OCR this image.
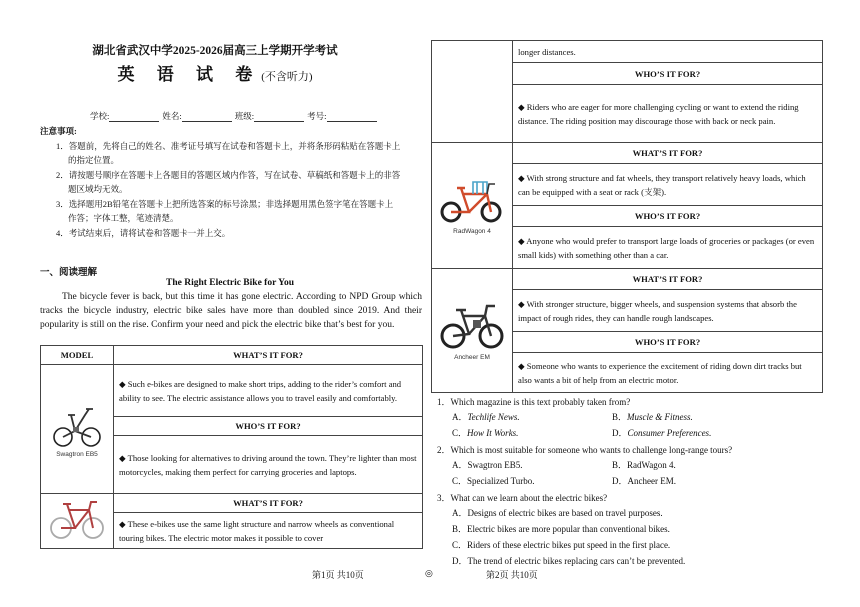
湖北省武汉中学2025-2026届高三上学期开学考试
英 语 试 卷(不含听力)
学校:	姓名:	班级:	考号:
注意事项:
1．答题前，先将自己的姓名、准考证号填写在试卷和答题卡上，并将条形码粘贴在答题卡上
的指定位置。
2．请按题号顺序在答题卡上各题目的答题区域内作答，写在试卷、草稿纸和答题卡上的非答
题区域均无效。
3．选择题用2B铅笔在答题卡上把所选答案的标号涂黑；非选择题用黑色签字笔在答题卡上
作答；字体工整，笔迹清楚。
4．考试结束后，请将试卷和答题卡一并上交。
一、阅读理解
The Right Electric Bike for You
The bicycle fever is back, but this time it has gone electric. According to NPD Group which tracks the bicycle industry, electric bike sales have more than doubled since 2019. And their popularity is still on the rise. Confirm your need and pick the electric bike that’s best for you.
MODEL	WHAT’S IT FOR?

Swagtron EB5	◆ Such e-bikes are designed to make short trips, adding to the rider’s comfort and ability to see. The electric assistance allows you to travel easily and comfortably.
	WHO’S IT FOR?
	◆ Those looking for alternatives to driving around the town. They’re lighter than most motorcycles, making them perfect for carrying groceries and laptops.
	WHAT’S IT FOR?
	◆ These e-bikes use the same light structure and narrow wheels as conventional touring bikes. The electric motor makes it possible to cover
	longer distances.
	WHO’S IT FOR?
	◆ Riders who are eager for more challenging cycling or want to extend the riding distance. The riding position may discourage those with back or neck pain.

RadWagon 4	WHAT’S IT FOR?
	◆ With strong structure and fat wheels, they transport relatively heavy loads, which can be equipped with a seat or rack (支架).
	WHO’S IT FOR?
	◆ Anyone who would prefer to transport large loads of groceries or packages (or even small kids) with something other than a car.

Ancheer EM	WHAT’S IT FOR?
	◆ With stronger structure, bigger wheels, and suspension systems that absorb the impact of rough rides, they can handle rough landscapes.
	WHO’S IT FOR?
	◆ Someone who wants to experience the excitement of riding down dirt tracks but also wants a bit of help from an electric motor.
1．Which magazine is this text probably taken from?
A．Techlife News.	B．Muscle & Fitness.
C．How It Works.	D．Consumer Preferences.
2．Which is most suitable for someone who wants to challenge long-range tours?
A．Swagtron EB5.	B．RadWagon 4.
C．Specialized Turbo.	D．Ancheer EM.
3．What can we learn about the electric bikes?
A．Designs of electric bikes are based on travel purposes.
B．Electric bikes are more popular than conventional bikes.
C．Riders of these electric bikes put speed in the first place.
D．The trend of electric bikes replacing cars can’t be prevented.
第1页 共10页	◎	第2页 共10页
